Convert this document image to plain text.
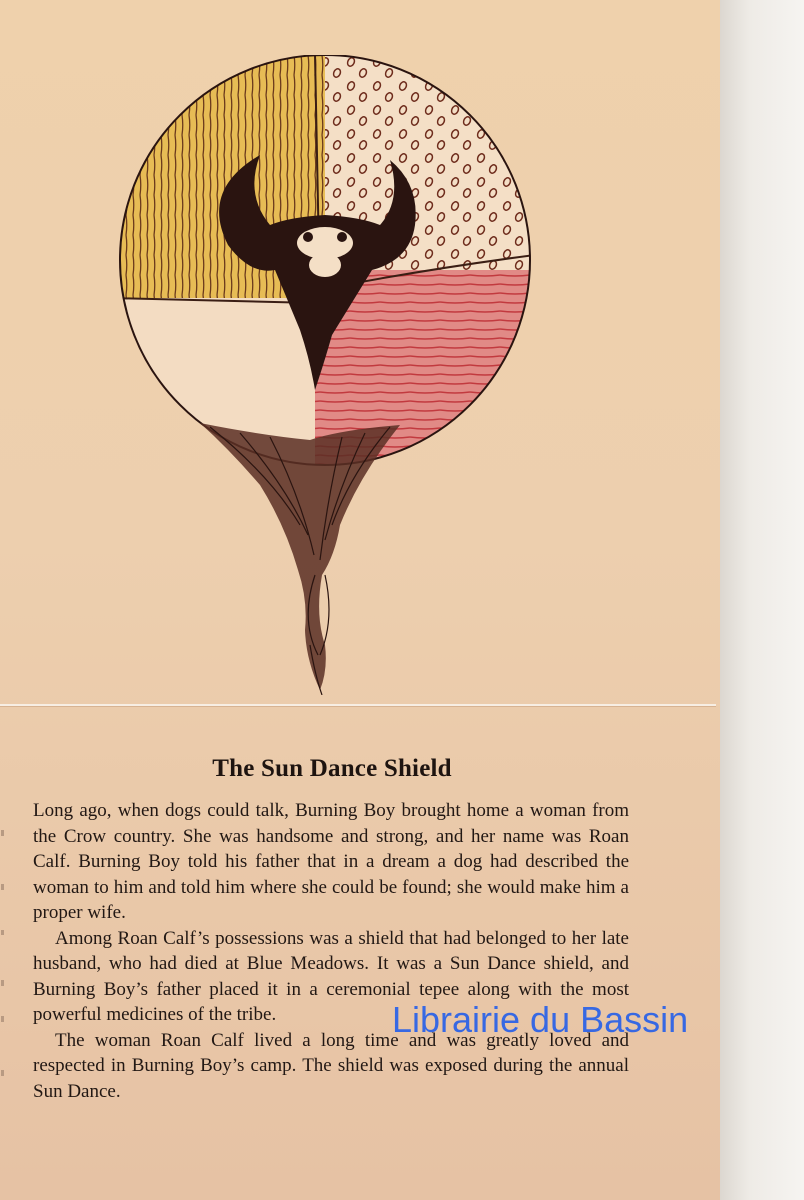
The Sun Dance Shield

Long ago, when dogs could talk, Burning Boy brought home a woman from the Crow country. She was handsome and strong, and her name was Roan Calf. Burning Boy told his father that in a dream a dog had described the woman to him and told him where she could be found; she would make him a proper wife.

Among Roan Calf’s possessions was a shield that had belonged to her late husband, who had died at Blue Meadows. It was a Sun Dance shield, and Burning Boy’s father placed it in a ceremonial tepee along with the most powerful medicines of the tribe.

The woman Roan Calf lived a long time and was greatly loved and respected in Burning Boy’s camp. The shield was exposed during the annual Sun Dance.

Librairie du Bassin
